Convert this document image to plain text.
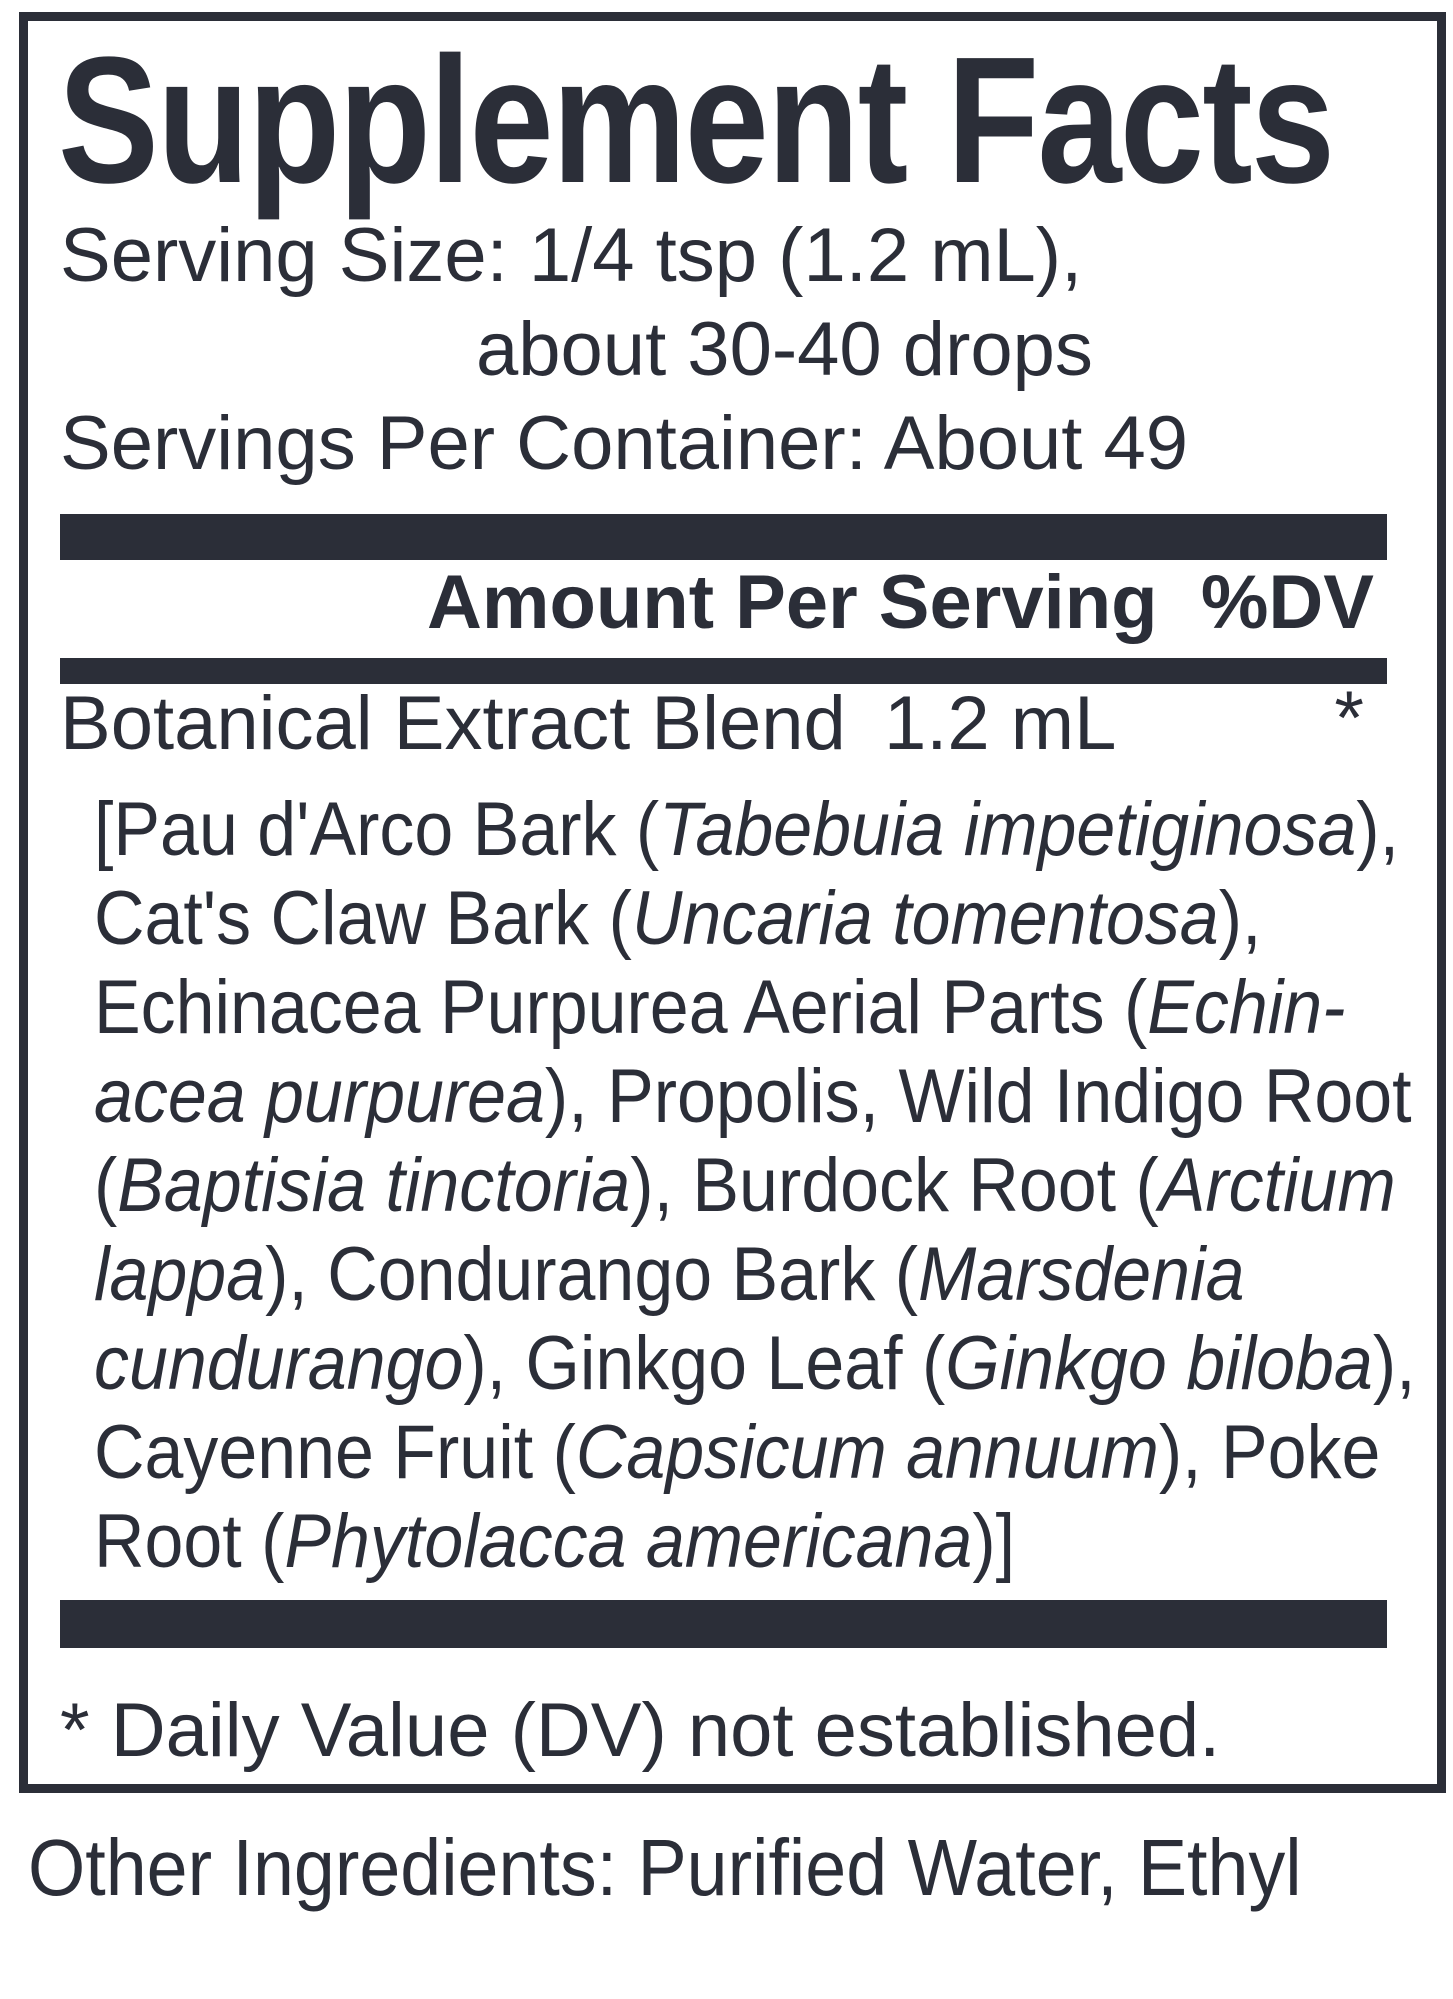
Supplement Facts
Serving Size: 1/4 tsp (1.2 mL),
about 30-40 drops
Servings Per Container: About 49
Amount Per Serving %DV
Botanical Extract Blend 1.2 mL	*
[Pau d'Arco Bark (Tabebuia impetiginosa),
Cat's Claw Bark (Uncaria tomentosa),
Echinacea Purpurea Aerial Parts (Echin-
acea purpurea), Propolis, Wild Indigo Root
(Baptisia tinctoria), Burdock Root (Arctium
lappa), Condurango Bark (Marsdenia
cundurango), Ginkgo Leaf (Ginkgo biloba),
Cayenne Fruit (Capsicum annuum), Poke
Root (Phytolacca americana)]
* Daily Value (DV) not established.
Other Ingredients: Purified Water, Ethyl
